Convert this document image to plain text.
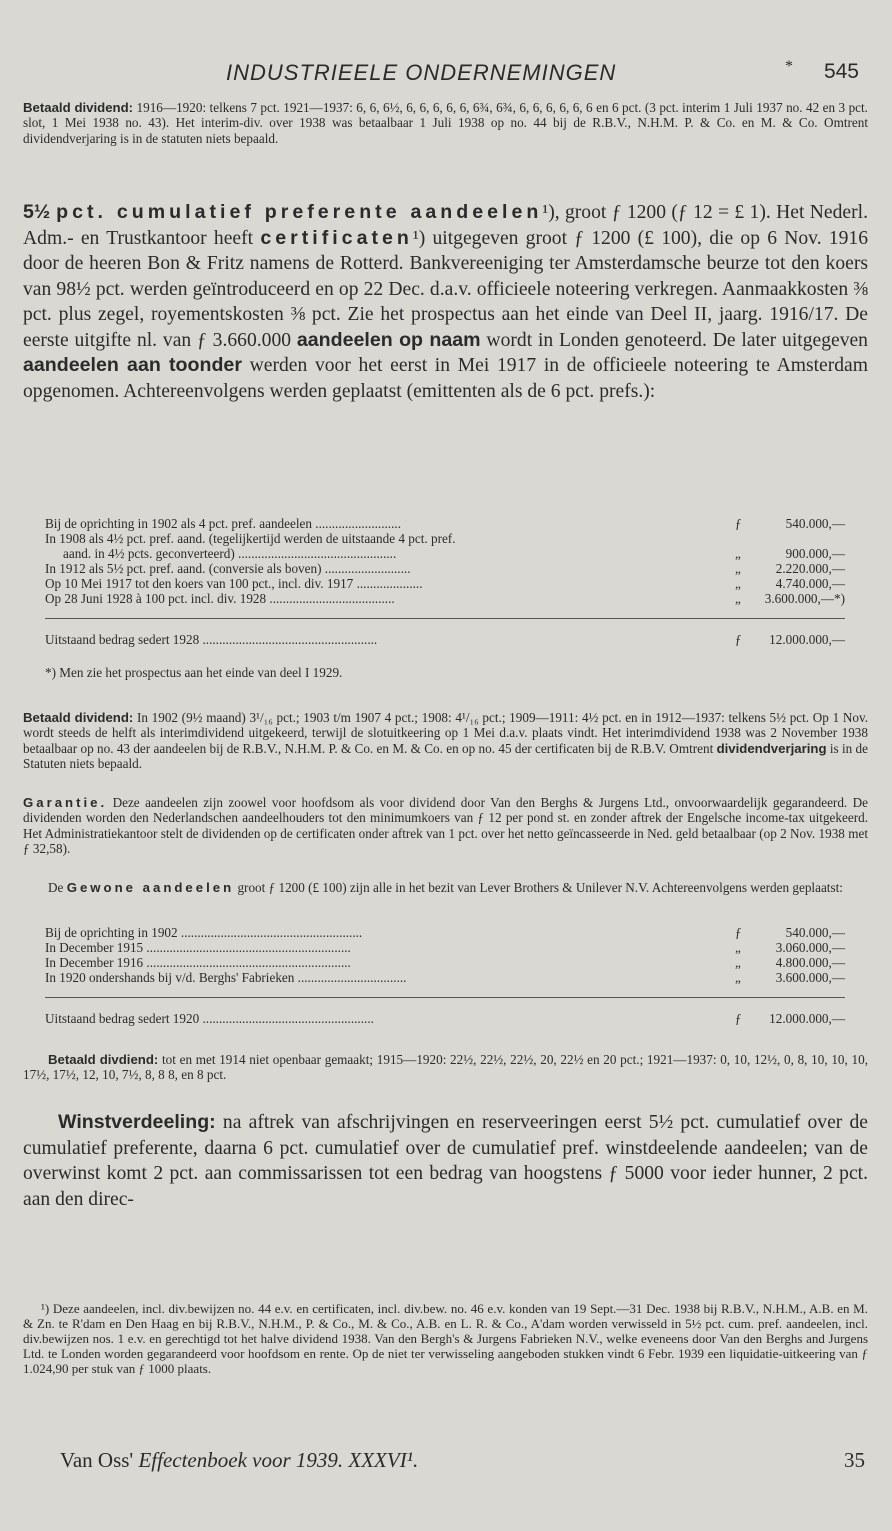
INDUSTRIEELE ONDERNEMINGEN	* 545

Betaald dividend: 1916—1920: telkens 7 pct. 1921—1937: 6, 6, 6½, 6, 6, 6, 6, 6, 6¾, 6¾, 6, 6, 6, 6, 6, 6 en 6 pct. (3 pct. interim 1 Juli 1937 no. 42 en 3 pct. slot, 1 Mei 1938 no. 43). Het interim-div. over 1938 was betaalbaar 1 Juli 1938 op no. 44 bij de R.B.V., N.H.M. P. & Co. en M. & Co. Omtrent dividendverjaring is in de statuten niets bepaald.

5½ pct. cumulatief preferente aandeelen¹), groot ƒ 1200 (ƒ 12 = £ 1). Het Nederl. Adm.- en Trustkantoor heeft certificaten¹) uitgegeven groot ƒ 1200 (£ 100), die op 6 Nov. 1916 door de heeren Bon & Fritz namens de Rotterd. Bankvereeniging ter Amsterdamsche beurze tot den koers van 98½ pct. werden geïntroduceerd en op 22 Dec. d.a.v. officieele noteering verkregen. Aanmaakkosten ⅜ pct. plus zegel, royementskosten ⅜ pct. Zie het prospectus aan het einde van Deel II, jaarg. 1916/17. De eerste uitgifte nl. van ƒ 3.660.000 aandeelen op naam wordt in Londen genoteerd. De later uitgegeven aandeelen aan toonder werden voor het eerst in Mei 1917 in de officieele noteering te Amsterdam opgenomen. Achtereenvolgens werden geplaatst (emittenten als de 6 pct. prefs.):

Bij de oprichting in 1902 als 4 pct. pref. aandeelen ..........................	ƒ	540.000,—
In 1908 als 4½ pct. pref. aand. (tegelijkertijd werden de uitstaande 4 pct. pref.
aand. in 4½ pcts. geconverteerd) ................................................	„	900.000,—
In 1912 als 5½ pct. pref. aand. (conversie als boven) ..........................	„	2.220.000,—
Op 10 Mei 1917 tot den koers van 100 pct., incl. div. 1917 ....................	„	4.740.000,—
Op 28 Juni 1928 à 100 pct. incl. div. 1928 ......................................	„ 3.600.000,—*)
Uitstaand bedrag sedert 1928 .....................................................	ƒ 12.000.000,—
*) Men zie het prospectus aan het einde van deel I 1929.

Betaald dividend: In 1902 (9½ maand) 3¹/₁₆ pct.; 1903 t/m 1907 4 pct.; 1908: 4¹/₁₆ pct.; 1909—1911: 4½ pct. en in 1912—1937: telkens 5½ pct. Op 1 Nov. wordt steeds de helft als interimdividend uitgekeerd, terwijl de slotuitkeering op 1 Mei d.a.v. plaats vindt. Het interimdividend 1938 was 2 November 1938 betaalbaar op no. 43 der aandeelen bij de R.B.V., N.H.M. P. & Co. en M. & Co. en op no. 45 der certificaten bij de R.B.V. Omtrent dividendverjaring is in de Statuten niets bepaald.

Garantie. Deze aandeelen zijn zoowel voor hoofdsom als voor dividend door Van den Berghs & Jurgens Ltd., onvoorwaardelijk gegarandeerd. De dividenden worden den Nederlandschen aandeelhouders tot den minimumkoers van ƒ 12 per pond st. en zonder aftrek der Engelsche income-tax uitgekeerd. Het Administratiekantoor stelt de dividenden op de certificaten onder aftrek van 1 pct. over het netto geïncasseerde in Ned. geld betaalbaar (op 2 Nov. 1938 met ƒ 32,58).

De Gewone aandeelen groot ƒ 1200 (£ 100) zijn alle in het bezit van Lever Brothers & Unilever N.V. Achtereenvolgens werden geplaatst:

Bij de oprichting in 1902 .......................................................	ƒ	540.000,—
In December 1915 ..............................................................	„	3.060.000,—
In December 1916 ..............................................................	„	4.800.000,—
In 1920 ondershands bij v/d. Berghs' Fabrieken .................................	„	3.600.000,—
Uitstaand bedrag sedert 1920 ....................................................	ƒ 12.000.000,—

Betaald divdiend: tot en met 1914 niet openbaar gemaakt; 1915—1920: 22½, 22½, 22½, 20, 22½ en 20 pct.; 1921—1937: 0, 10, 12½, 0, 8, 10, 10, 10, 17½, 17½, 12, 10, 7½, 8, 8 8, en 8 pct.

Winstverdeeling: na aftrek van afschrijvingen en reserveeringen eerst 5½ pct. cumulatief over de cumulatief preferente, daarna 6 pct. cumulatief over de cumulatief pref. winstdeelende aandeelen; van de overwinst komt 2 pct. aan commissarissen tot een bedrag van hoogstens ƒ 5000 voor ieder hunner, 2 pct. aan den direc-

¹) Deze aandeelen, incl. div.bewijzen no. 44 e.v. en certificaten, incl. div.bew. no. 46 e.v. konden van 19 Sept.—31 Dec. 1938 bij R.B.V., N.H.M., A.B. en M. & Zn. te R'dam en Den Haag en bij R.B.V., N.H.M., P. & Co., M. & Co., A.B. en L. R. & Co., A'dam worden verwisseld in 5½ pct. cum. pref. aandeelen, incl. div.bewijzen nos. 1 e.v. en gerechtigd tot het halve dividend 1938. Van den Bergh's & Jurgens Fabrieken N.V., welke eveneens door Van den Berghs and Jurgens Ltd. te Londen worden gegarandeerd voor hoofdsom en rente. Op de niet ter verwisseling aangeboden stukken vindt 6 Febr. 1939 een liquidatie-uitkeering van ƒ 1.024,90 per stuk van ƒ 1000 plaats.

Van Oss' Effectenboek voor 1939. XXXVI¹.	35
